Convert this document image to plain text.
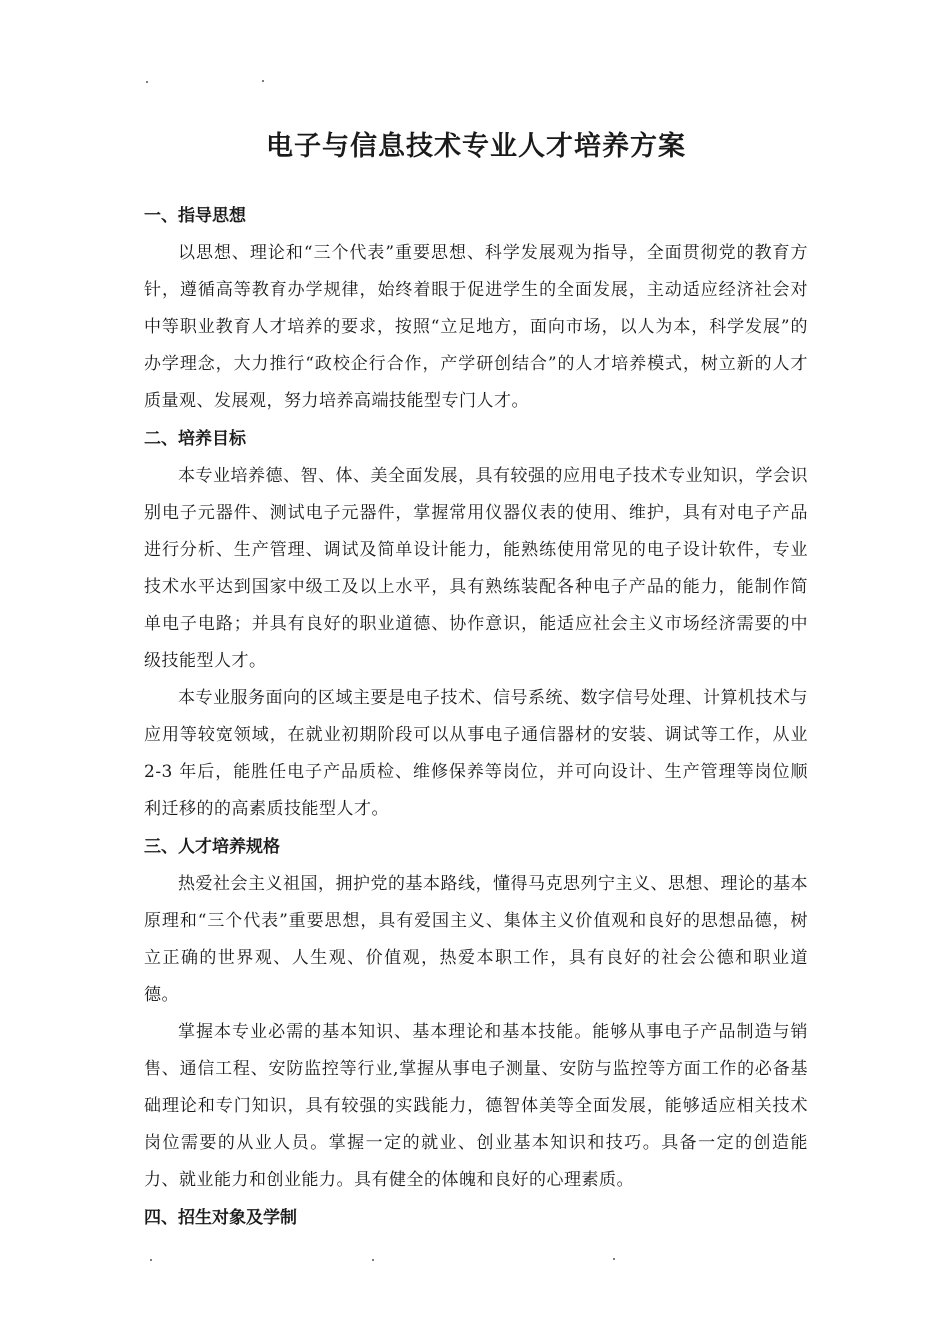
电子与信息技术专业人才培养方案
一、指导思想

以思想、理论和“三个代表”重要思想、科学发展观为指导，全面贯彻党的教育方针，遵循高等教育办学规律，始终着眼于促进学生的全面发展，主动适应经济社会对中等职业教育人才培养的要求，按照“立足地方，面向市场，以人为本，科学发展”的办学理念，大力推行“政校企行合作，产学研创结合”的人才培养模式，树立新的人才质量观、发展观，努力培养高端技能型专门人才。

二、培养目标

本专业培养德、智、体、美全面发展，具有较强的应用电子技术专业知识，学会识别电子元器件、测试电子元器件，掌握常用仪器仪表的使用、维护，具有对电子产品进行分析、生产管理、调试及简单设计能力，能熟练使用常见的电子设计软件，专业技术水平达到国家中级工及以上水平，具有熟练装配各种电子产品的能力，能制作简单电子电路；并具有良好的职业道德、协作意识，能适应社会主义市场经济需要的中级技能型人才。

本专业服务面向的区域主要是电子技术、信号系统、数字信号处理、计算机技术与应用等较宽领域，在就业初期阶段可以从事电子通信器材的安装、调试等工作，从业 2-3 年后，能胜任电子产品质检、维修保养等岗位，并可向设计、生产管理等岗位顺利迁移的的高素质技能型人才。

三、人才培养规格

热爱社会主义祖国，拥护党的基本路线，懂得马克思列宁主义、思想、理论的基本原理和“三个代表”重要思想，具有爱国主义、集体主义价值观和良好的思想品德，树立正确的世界观、人生观、价值观，热爱本职工作，具有良好的社会公德和职业道德。

掌握本专业必需的基本知识、基本理论和基本技能。能够从事电子产品制造与销售、通信工程、安防监控等行业,掌握从事电子测量、安防与监控等方面工作的必备基础理论和专门知识，具有较强的实践能力，德智体美等全面发展，能够适应相关技术岗位需要的从业人员。掌握一定的就业、创业基本知识和技巧。具备一定的创造能力、就业能力和创业能力。具有健全的体魄和良好的心理素质。

四、招生对象及学制
